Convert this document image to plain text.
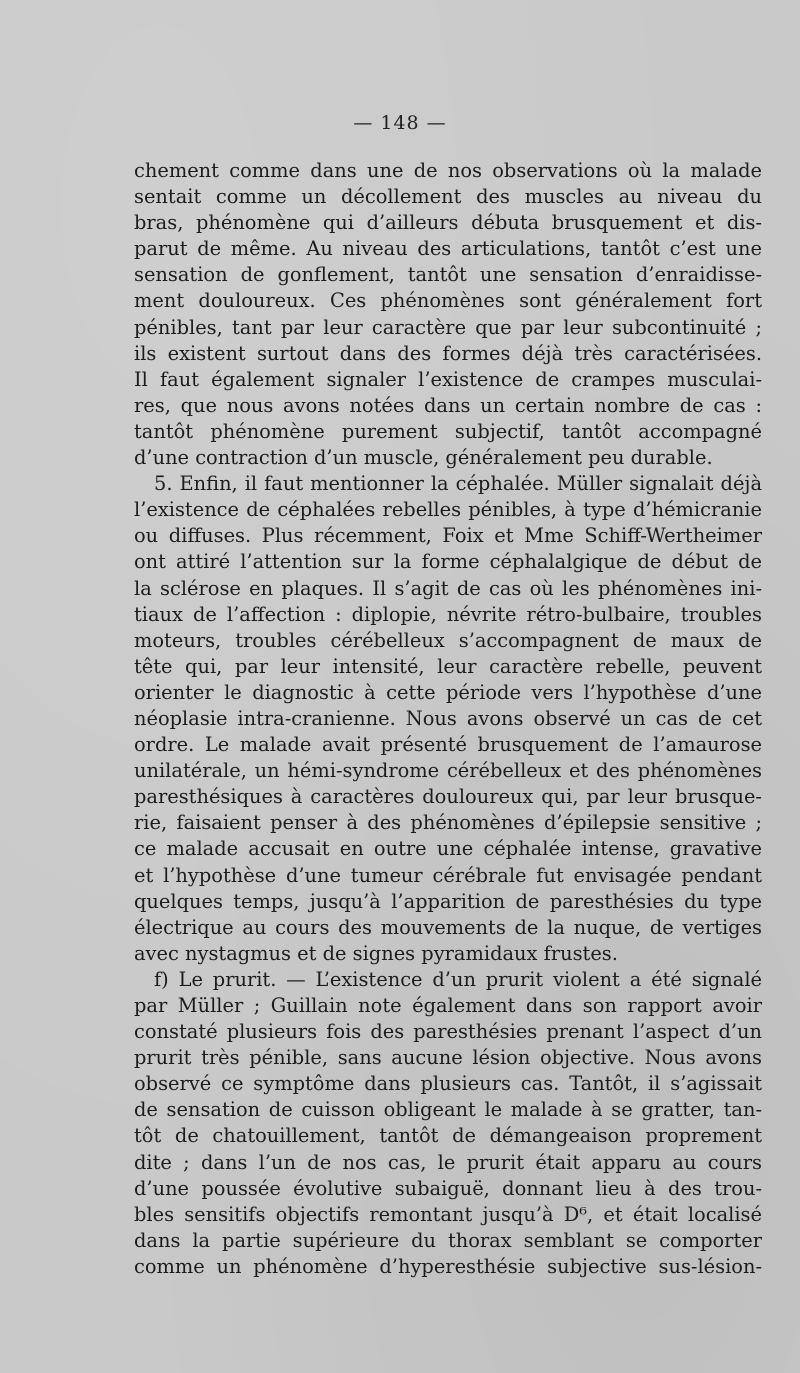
— 148 —
chement comme dans une de nos observations où la malade
sentait comme un décollement des muscles au niveau du
bras, phénomène qui d’ailleurs débuta brusquement et dis-
parut de même. Au niveau des articulations, tantôt c’est une
sensation de gonflement, tantôt une sensation d’enraidisse-
ment douloureux. Ces phénomènes sont généralement fort
pénibles, tant par leur caractère que par leur subcontinuité ;
ils existent surtout dans des formes déjà très caractérisées.
Il faut également signaler l’existence de crampes musculai-
res, que nous avons notées dans un certain nombre de cas :
tantôt phénomène purement subjectif, tantôt accompagné
d’une contraction d’un muscle, généralement peu durable.
5. Enfin, il faut mentionner la céphalée. Müller signalait déjà
l’existence de céphalées rebelles pénibles, à type d’hémicranie
ou diffuses. Plus récemment, Foix et Mme Schiff-Wertheimer
ont attiré l’attention sur la forme céphalalgique de début de
la sclérose en plaques. Il s’agit de cas où les phénomènes ini-
tiaux de l’affection : diplopie, névrite rétro-bulbaire, troubles
moteurs, troubles cérébelleux s’accompagnent de maux de
tête qui, par leur intensité, leur caractère rebelle, peuvent
orienter le diagnostic à cette période vers l’hypothèse d’une
néoplasie intra-cranienne. Nous avons observé un cas de cet
ordre. Le malade avait présenté brusquement de l’amaurose
unilatérale, un hémi-syndrome cérébelleux et des phénomènes
paresthésiques à caractères douloureux qui, par leur brusque-
rie, faisaient penser à des phénomènes d’épilepsie sensitive ;
ce malade accusait en outre une céphalée intense, gravative
et l’hypothèse d’une tumeur cérébrale fut envisagée pendant
quelques temps, jusqu’à l’apparition de paresthésies du type
électrique au cours des mouvements de la nuque, de vertiges
avec nystagmus et de signes pyramidaux frustes.
f) Le prurit. — L’existence d’un prurit violent a été signalé
par Müller ; Guillain note également dans son rapport avoir
constaté plusieurs fois des paresthésies prenant l’aspect d’un
prurit très pénible, sans aucune lésion objective. Nous avons
observé ce symptôme dans plusieurs cas. Tantôt, il s’agissait
de sensation de cuisson obligeant le malade à se gratter, tan-
tôt de chatouillement, tantôt de démangeaison proprement
dite ; dans l’un de nos cas, le prurit était apparu au cours
d’une poussée évolutive subaiguë, donnant lieu à des trou-
bles sensitifs objectifs remontant jusqu’à D⁶, et était localisé
dans la partie supérieure du thorax semblant se comporter
comme un phénomène d’hyperesthésie subjective sus-lésion-
